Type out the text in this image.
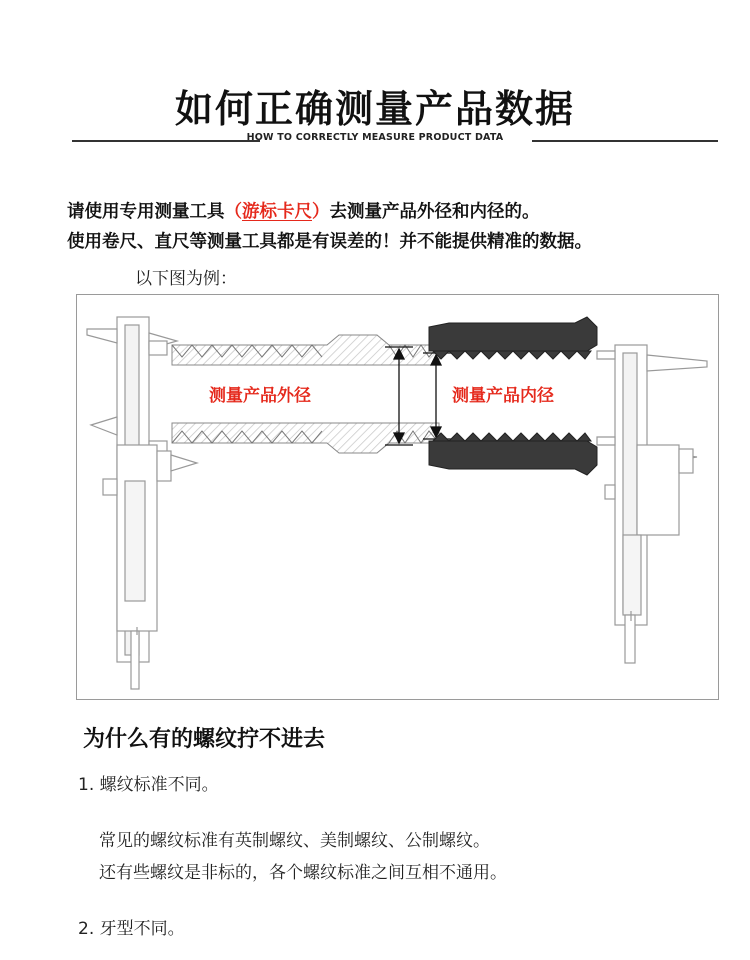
如何正确测量产品数据
HOW TO CORRECTLY MEASURE PRODUCT DATA
请使用专用测量工具（游标卡尺）去测量产品外径和内径的。
使用卷尺、直尺等测量工具都是有误差的！并不能提供精准的数据。
以下图为例：
测量产品外径	测量产品内径
为什么有的螺纹拧不进去
1. 螺纹标准不同。
常见的螺纹标准有英制螺纹、美制螺纹、公制螺纹。
还有些螺纹是非标的，各个螺纹标准之间互相不通用。
2. 牙型不同。
